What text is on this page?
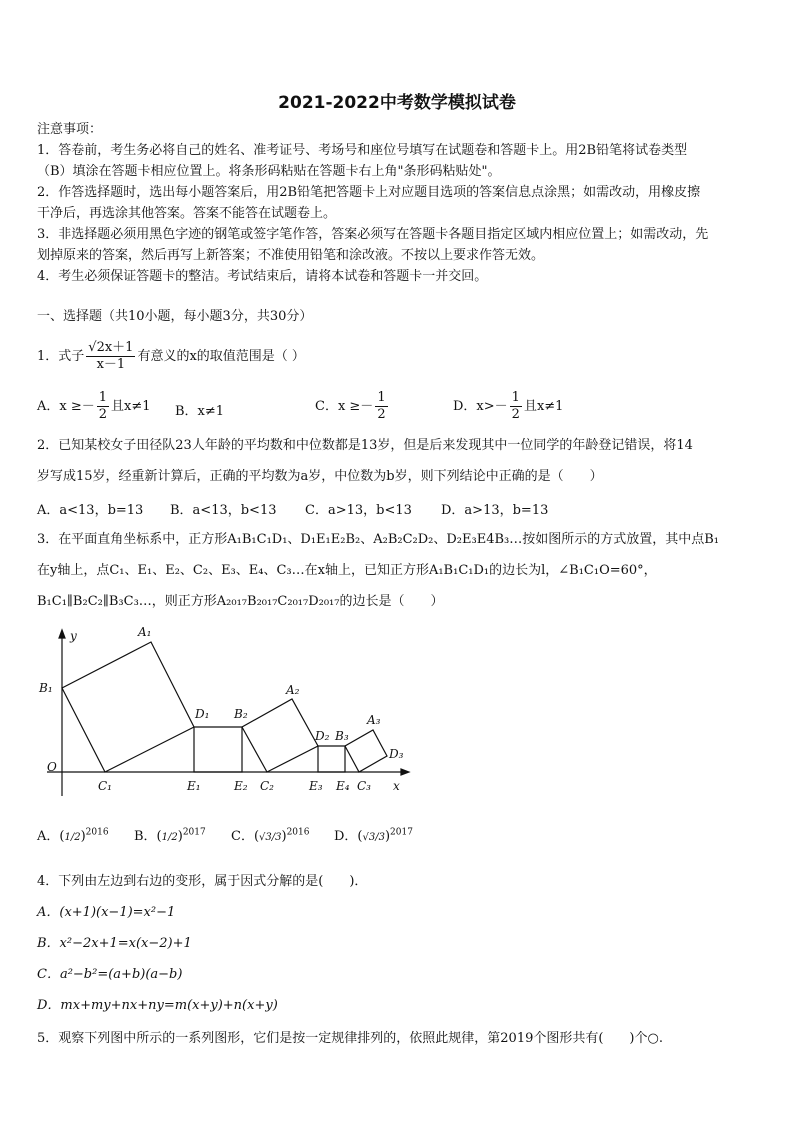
2021-2022中考数学模拟试卷
注意事项：
1．答卷前，考生务必将自己的姓名、准考证号、考场号和座位号填写在试题卷和答题卡上。用2B铅笔将试卷类型
（B）填涂在答题卡相应位置上。将条形码粘贴在答题卡右上角"条形码粘贴处"。
2．作答选择题时，选出每小题答案后，用2B铅笔把答题卡上对应题目选项的答案信息点涂黑；如需改动，用橡皮擦
干净后，再选涂其他答案。答案不能答在试题卷上。
3．非选择题必须用黑色字迹的钢笔或签字笔作答，答案必须写在答题卡各题目指定区域内相应位置上；如需改动，先
划掉原来的答案，然后再写上新答案；不准使用铅笔和涂改液。不按以上要求作答无效。
4．考生必须保证答题卡的整洁。考试结束后，请将本试卷和答题卡一并交回。
一、选择题（共10小题，每小题3分，共30分）
1．式子 $\frac{√2x+1}{x-1}$ 有意义的x的取值范围是（ ）
A．$x \ge- \frac{1}{2}$ 且x≠1 B．x≠1	C．$x \ge- \frac{1}{2}$	D．$x>- \frac{1}{2}$ 且x≠1
2．已知某校女子田径队23人年龄的平均数和中位数都是13岁，但是后来发现其中一位同学的年龄登记错误，将14
岁写成15岁，经重新计算后，正确的平均数为a岁，中位数为b岁，则下列结论中正确的是（　　）
A．a<13，b=13 B．a<13，b<13 C．a>13，b<13 D．a>13，b=13
3．在平面直角坐标系中，正方形A₁B₁C₁D₁、D₁E₁E₂B₂、A₂B₂C₂D₂、D₂E₃E4B₃…按如图所示的方式放置，其中点B₁
在y轴上，点C₁、E₁、E₂、C₂、E₃、E₄、C₃…在x轴上，已知正方形A₁B₁C₁D₁的边长为l，∠B₁C₁O=60°，
B₁C₁∥B₂C₂∥B₃C₃…，则正方形A₂₀₁₇B₂₀₁₇C₂₀₁₇D₂₀₁₇的边长是（　　）
y	A₁
B₁
D₁ B₂
A₂
D₂ B₃
A₃
D₃
O
C₁	E₁	E₂ C₂	E₃ E₄ C₃ x
A．$(1/2)^{2016}$ B．$(1/2)^{2017}$ C．$(√3/3)^{2016}$ D．$(√3/3)^{2017}$
4．下列由左边到右边的变形，属于因式分解的是(　　)．
A．(x+1)(x−1)=x²−1
B．x²−2x+1=x(x−2)+1
C．a²−b²=(a+b)(a−b)
D．mx+my+nx+ny=m(x+y)+n(x+y)
5．观察下列图中所示的一系列图形，它们是按一定规律排列的，依照此规律，第2019个图形共有(　　)个○.
